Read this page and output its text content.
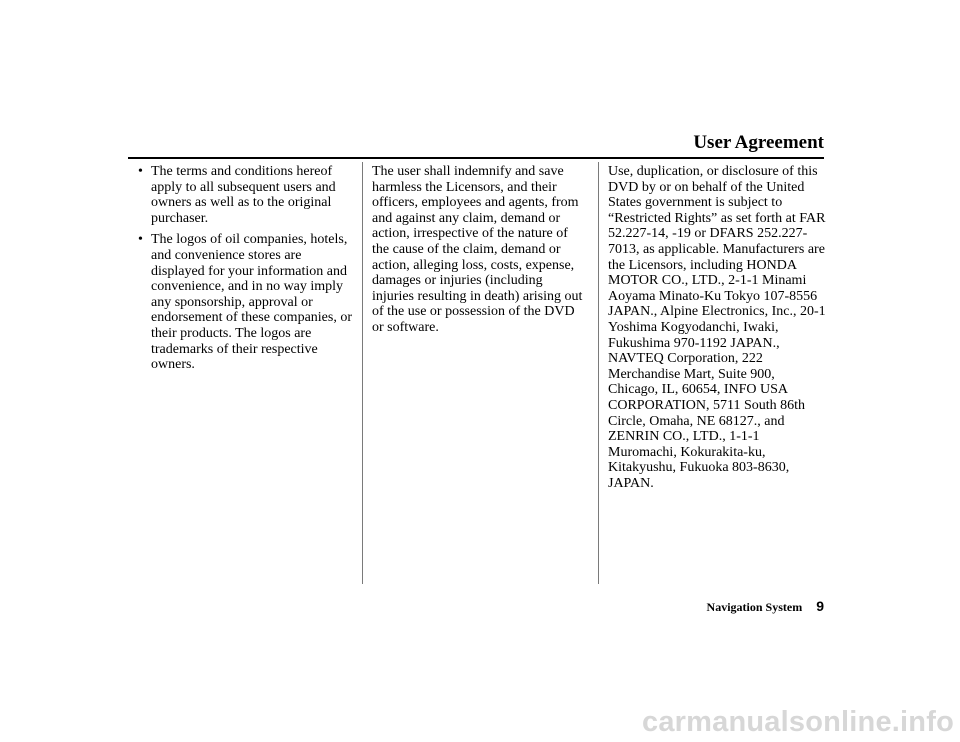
User Agreement
• The terms and conditions hereof apply to all subsequent users and owners as well as to the original purchaser.
• The logos of oil companies, hotels, and convenience stores are displayed for your information and convenience, and in no way imply any sponsorship, approval or endorsement of these companies, or their products. The logos are trademarks of their respective owners.

The user shall indemnify and save harmless the Licensors, and their officers, employees and agents, from and against any claim, demand or action, irrespective of the nature of the cause of the claim, demand or action, alleging loss, costs, expense, damages or injuries (including injuries resulting in death) arising out of the use or possession of the DVD or software.

Use, duplication, or disclosure of this DVD by or on behalf of the United States government is subject to “Restricted Rights” as set forth at FAR 52.227-14, -19 or DFARS 252.227-7013, as applicable. Manufacturers are the Licensors, including HONDA MOTOR CO., LTD., 2-1-1 Minami Aoyama Minato-Ku Tokyo 107-8556 JAPAN., Alpine Electronics, Inc., 20-1 Yoshima Kogyodanchi, Iwaki, Fukushima 970-1192 JAPAN., NAVTEQ Corporation, 222 Merchandise Mart, Suite 900, Chicago, IL, 60654, INFO USA CORPORATION, 5711 South 86th Circle, Omaha, NE 68127., and ZENRIN CO., LTD., 1-1-1 Muromachi, Kokurakita-ku, Kitakyushu, Fukuoka 803-8630, JAPAN.

Navigation System 9
carmanualsonline.info
